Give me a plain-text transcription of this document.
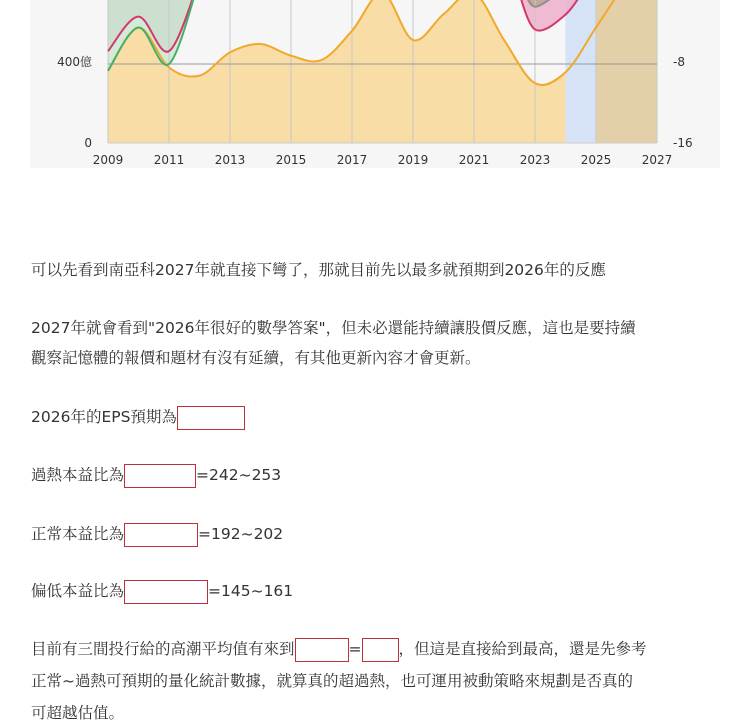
2009	2011	2013	2015	2017	2019	2021	2023	2025	2027
0
400億
-16
-8
可以先看到南亞科2027年就直接下彎了，那就目前先以最多就預期到2026年的反應
2027年就會看到"2026年很好的數學答案"，但未必還能持續讓股價反應，這也是要持續
觀察記憶體的報價和題材有沒有延續，有其他更新內容才會更新。
2026年的EPS預期為
過熱本益比為	=242~253
正常本益比為	=192~202
偏低本益比為	=145~161
目前有三間投行給的高潮平均值有來到	= ，但這是直接給到最高，還是先參考
正常~過熱可預期的量化統計數據，就算真的超過熱，也可運用被動策略來規劃是否真的
可超越估值。
